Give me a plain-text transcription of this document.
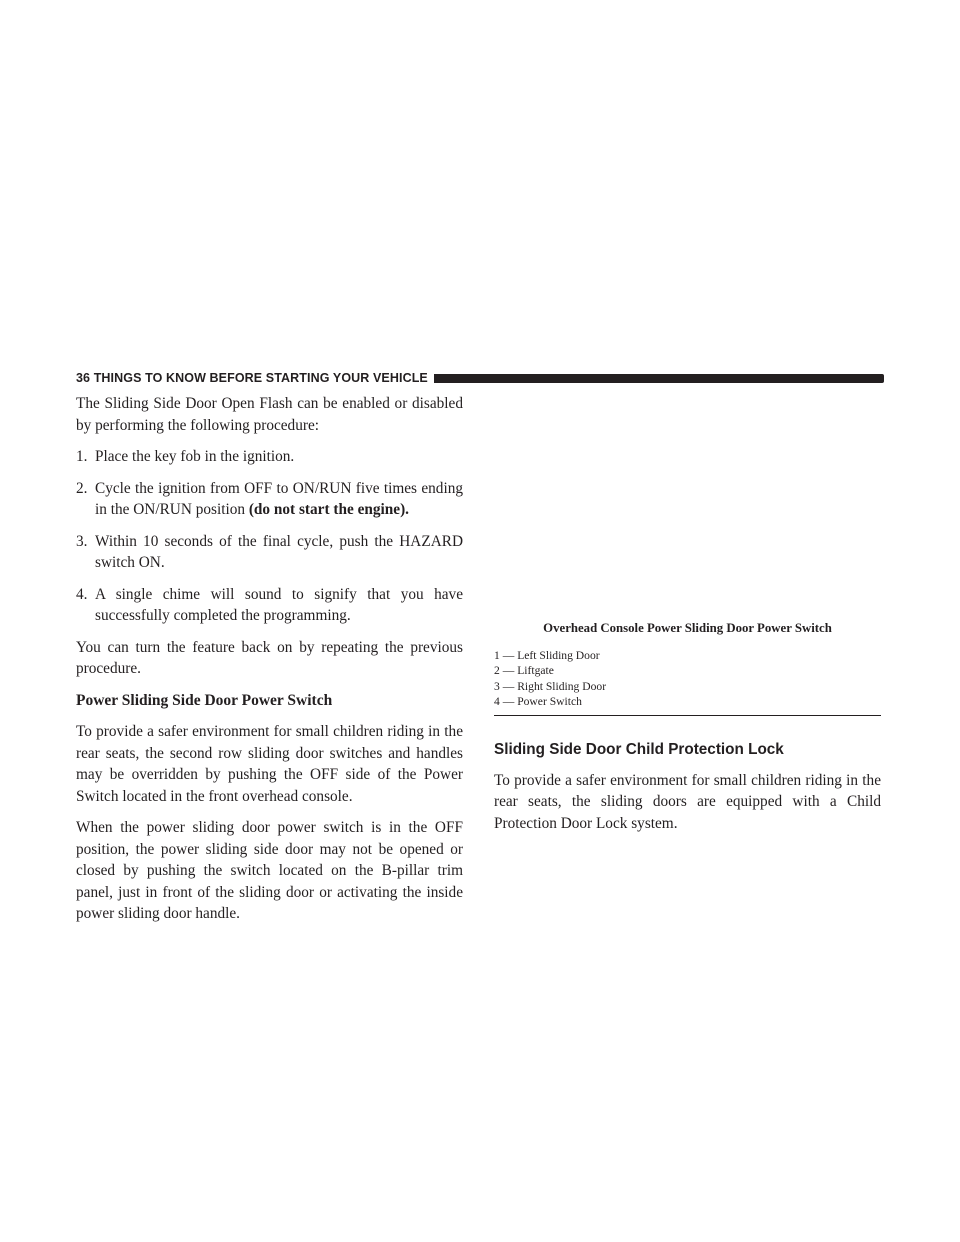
36 THINGS TO KNOW BEFORE STARTING YOUR VEHICLE

The Sliding Side Door Open Flash can be enabled or disabled by performing the following procedure:

1. Place the key fob in the ignition.
2. Cycle the ignition from OFF to ON/RUN five times ending in the ON/RUN position (do not start the engine).
3. Within 10 seconds of the final cycle, push the HAZARD switch ON.
4. A single chime will sound to signify that you have successfully completed the programming.

You can turn the feature back on by repeating the previous procedure.

Power Sliding Side Door Power Switch

To provide a safer environment for small children riding in the rear seats, the second row sliding door switches and handles may be overridden by pushing the OFF side of the Power Switch located in the front overhead console.

When the power sliding door power switch is in the OFF position, the power sliding side door may not be opened or closed by pushing the switch located on the B-pillar trim panel, just in front of the sliding door or activating the inside power sliding door handle.

Overhead Console Power Sliding Door Power Switch
1 — Left Sliding Door
2 — Liftgate
3 — Right Sliding Door
4 — Power Switch
Sliding Side Door Child Protection Lock

To provide a safer environment for small children riding in the rear seats, the sliding doors are equipped with a Child Protection Door Lock system.
